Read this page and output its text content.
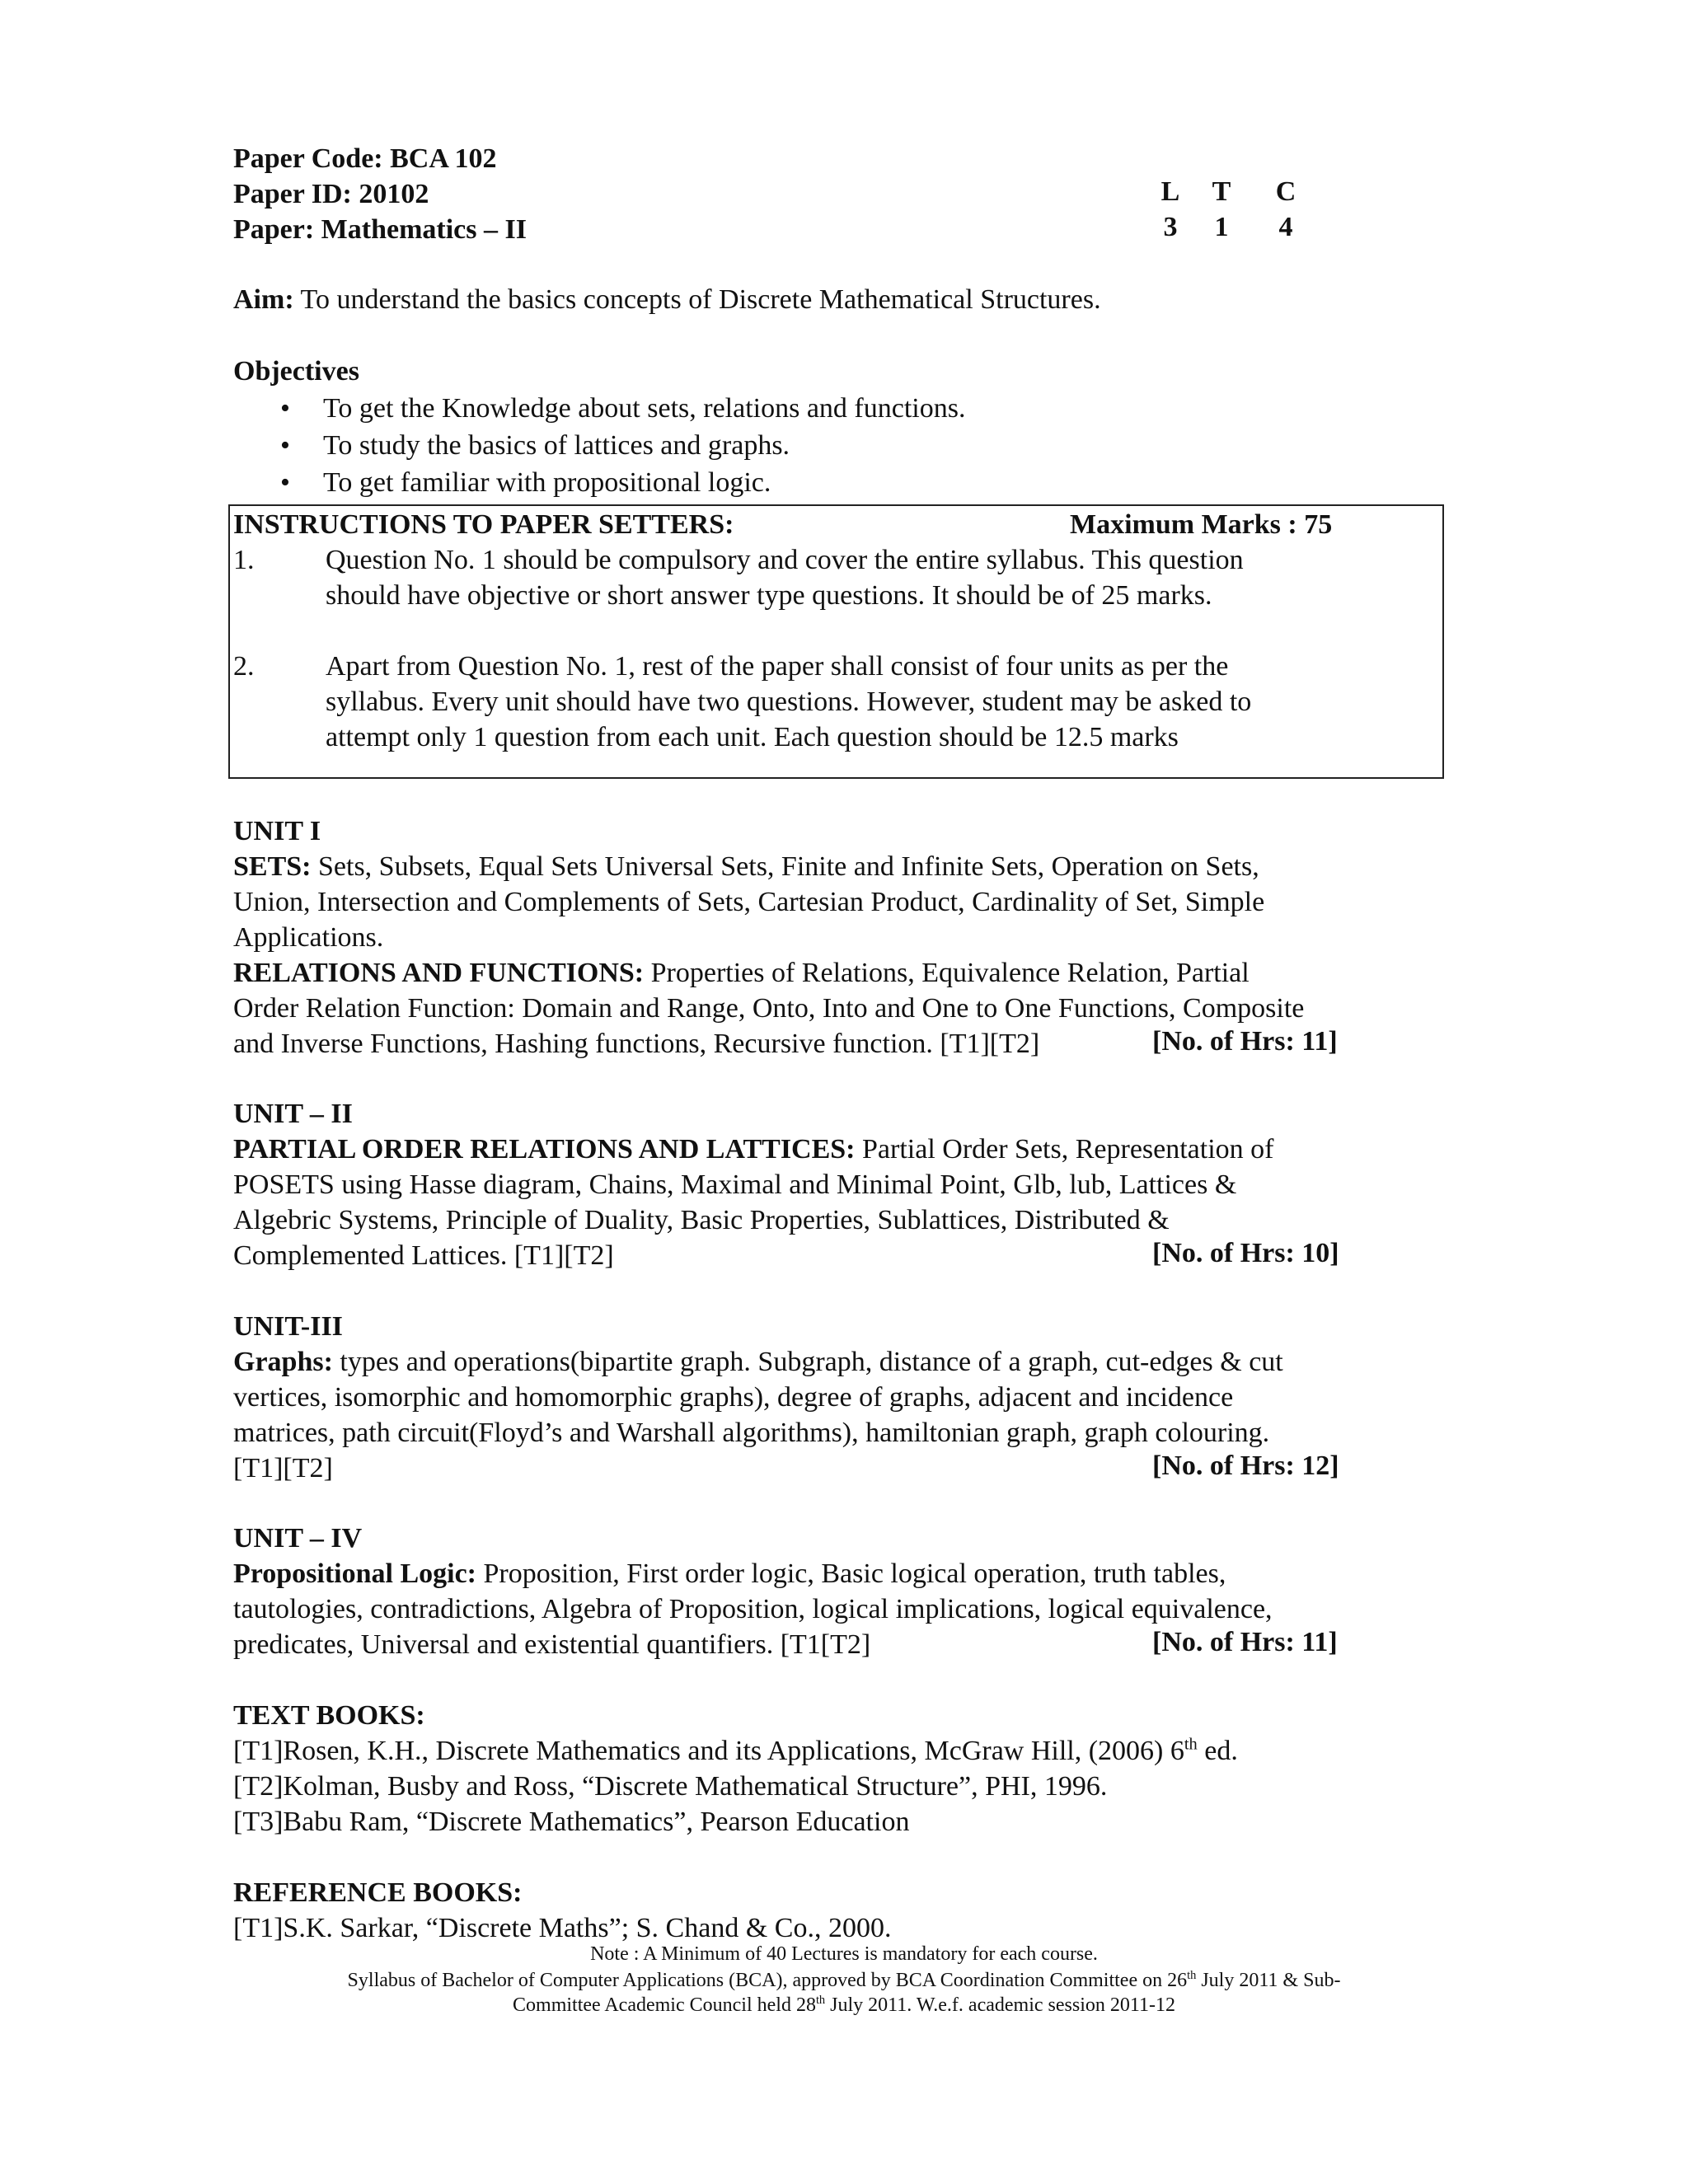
Paper Code: BCA 102
Paper ID: 20102
Paper: Mathematics – II
L T C
3	1	4
Aim: To understand the basics concepts of Discrete Mathematical Structures.
Objectives
• To get the Knowledge about sets, relations and functions.
• To study the basics of lattices and graphs.
• To get familiar with propositional logic.
INSTRUCTIONS TO PAPER SETTERS:	Maximum Marks : 75
1.	Question No. 1 should be compulsory and cover the entire syllabus. This question
should have objective or short answer type questions. It should be of 25 marks.
2.	Apart from Question No. 1, rest of the paper shall consist of four units as per the
syllabus. Every unit should have two questions. However, student may be asked to
attempt only 1 question from each unit. Each question should be 12.5 marks
UNIT I
SETS: Sets, Subsets, Equal Sets Universal Sets, Finite and Infinite Sets, Operation on Sets,
Union, Intersection and Complements of Sets, Cartesian Product, Cardinality of Set, Simple
Applications.
RELATIONS AND FUNCTIONS: Properties of Relations, Equivalence Relation, Partial
Order Relation Function: Domain and Range, Onto, Into and One to One Functions, Composite
and Inverse Functions, Hashing functions, Recursive function. [T1][T2]	[No. of Hrs: 11]
UNIT – II
PARTIAL ORDER RELATIONS AND LATTICES: Partial Order Sets, Representation of
POSETS using Hasse diagram, Chains, Maximal and Minimal Point, Glb, lub, Lattices &
Algebric Systems, Principle of Duality, Basic Properties, Sublattices, Distributed &
Complemented Lattices. [T1][T2]	[No. of Hrs: 10]
UNIT-III
Graphs: types and operations(bipartite graph. Subgraph, distance of a graph, cut-edges & cut
vertices, isomorphic and homomorphic graphs), degree of graphs, adjacent and incidence
matrices, path circuit(Floyd’s and Warshall algorithms), hamiltonian graph, graph colouring.
[T1][T2]	[No. of Hrs: 12]
UNIT – IV
Propositional Logic: Proposition, First order logic, Basic logical operation, truth tables,
tautologies, contradictions, Algebra of Proposition, logical implications, logical equivalence,
predicates, Universal and existential quantifiers. [T1[T2]	[No. of Hrs: 11]
TEXT BOOKS:
[T1]Rosen, K.H., Discrete Mathematics and its Applications, McGraw Hill, (2006) 6th ed.
[T2]Kolman, Busby and Ross, “Discrete Mathematical Structure”, PHI, 1996.
[T3]Babu Ram, “Discrete Mathematics”, Pearson Education
REFERENCE BOOKS:
[T1]S.K. Sarkar, “Discrete Maths”; S. Chand & Co., 2000.
Note : A Minimum of 40 Lectures is mandatory for each course.
Syllabus of Bachelor of Computer Applications (BCA), approved by BCA Coordination Committee on 26th July 2011 & Sub-
Committee Academic Council held 28th July 2011. W.e.f. academic session 2011-12
